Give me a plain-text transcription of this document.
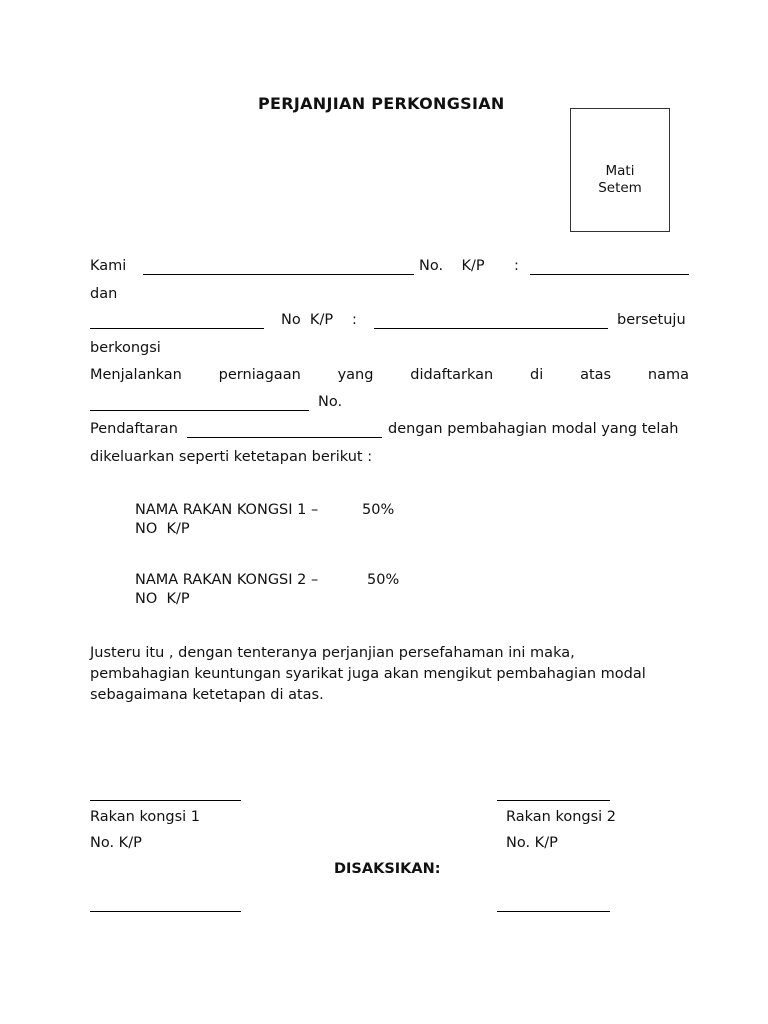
PERJANJIAN PERKONGSIAN
Mati
Setem
Kami	No.    K/P :
dan
No  K/P :	bersetuju
berkongsi
Menjalankan	perniagaan	yang	didaftarkan	di	atas	nama
No.
Pendaftaran	dengan pembahagian modal yang telah
dikeluarkan seperti ketetapan berikut :
NAMA RAKAN KONGSI 1 –	50%
NO  K/P
NAMA RAKAN KONGSI 2 –	50%
NO  K/P
Justeru itu , dengan tenteranya perjanjian persefahaman ini maka,
pembahagian keuntungan syarikat juga akan mengikut pembahagian modal
sebagaimana ketetapan di atas.
Rakan kongsi 1	Rakan kongsi 2
No. K/P	No. K/P
DISAKSIKAN:
